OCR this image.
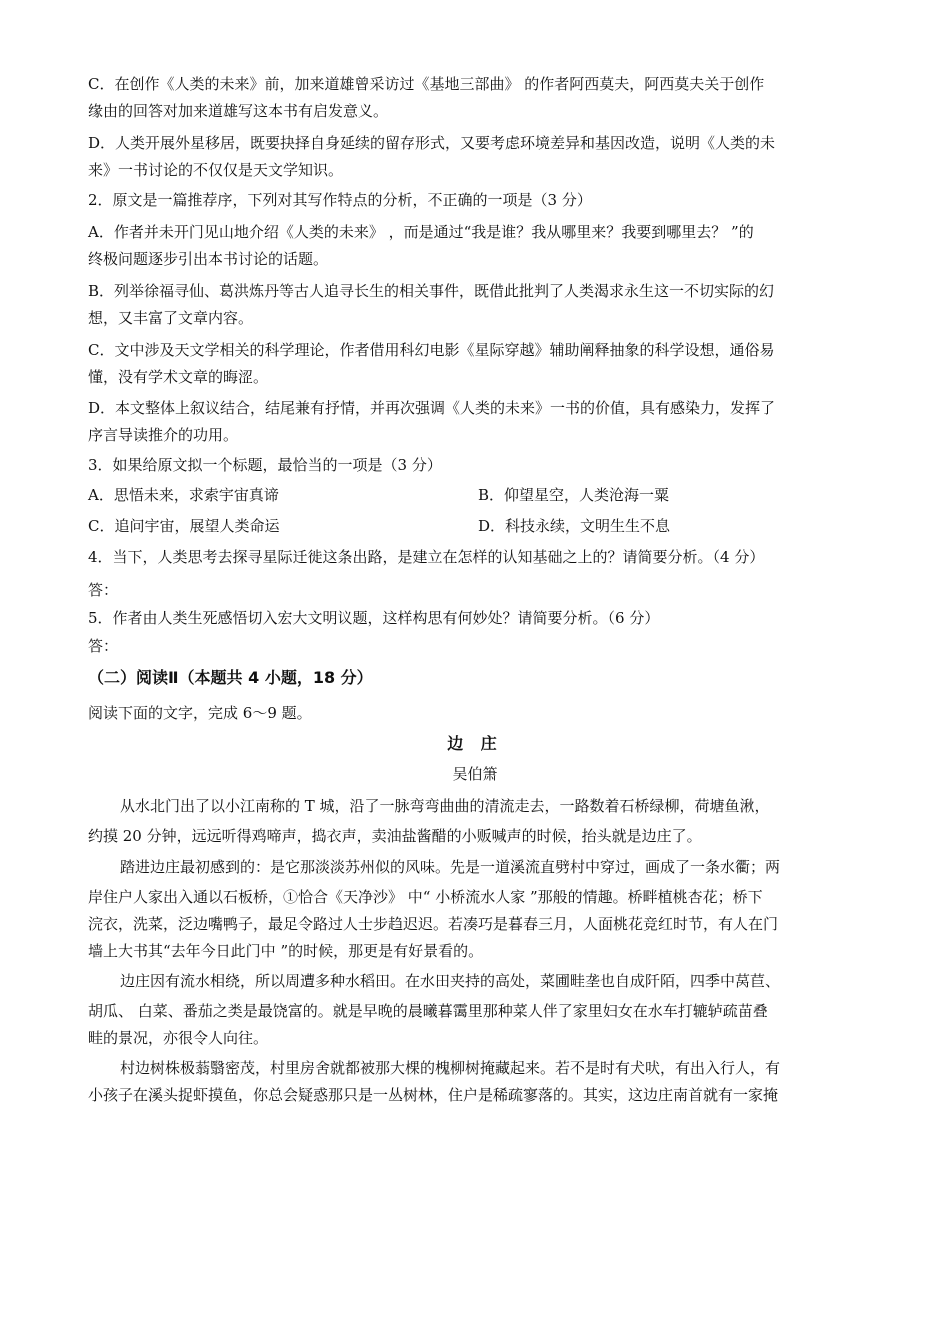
C．在创作《人类的未来》前，加来道雄曾采访过《基地三部曲》 的作者阿西莫夫，阿西莫夫关于创作
缘由的回答对加来道雄写这本书有启发意义。
D．人类开展外星移居，既要抉择自身延续的留存形式，又要考虑环境差异和基因改造，说明《人类的未
来》一书讨论的不仅仅是天文学知识。
2．原文是一篇推荐序，下列对其写作特点的分析，不正确的一项是（3 分）
A．作者并未开门见山地介绍《人类的未来》 ，而是通过“我是谁？我从哪里来？我要到哪里去？ ”的
终极问题逐步引出本书讨论的话题。
B．列举徐福寻仙、葛洪炼丹等古人追寻长生的相关事件，既借此批判了人类渴求永生这一不切实际的幻
想，又丰富了文章内容。
C．文中涉及天文学相关的科学理论，作者借用科幻电影《星际穿越》辅助阐释抽象的科学设想，通俗易
懂，没有学术文章的晦涩。
D．本文整体上叙议结合，结尾兼有抒情，并再次强调《人类的未来》一书的价值，具有感染力，发挥了
序言导读推介的功用。
3．如果给原文拟一个标题，最恰当的一项是（3 分）
A．思悟未来，求索宇宙真谛	B．仰望星空，人类沧海一粟
C．追问宇宙，展望人类命运	D．科技永续，文明生生不息
4．当下，人类思考去探寻星际迁徙这条出路，是建立在怎样的认知基础之上的？请简要分析。（4 分）
答：
5．作者由人类生死感悟切入宏大文明议题，这样构思有何妙处？请简要分析。（6 分）
答：
（二）阅读Ⅱ（本题共 4 小题，18 分）
阅读下面的文字，完成 6～9 题。
边 庄
吴伯箫
从水北门出了以小江南称的 T 城，沿了一脉弯弯曲曲的清流走去，一路数着石桥绿柳，荷塘鱼湫，
约摸 20 分钟，远远听得鸡啼声，捣衣声，卖油盐酱醋的小贩喊声的时候，抬头就是边庄了。
踏进边庄最初感到的：是它那淡淡苏州似的风味。先是一道溪流直劈村中穿过，画成了一条水衢；两
岸住户人家出入通以石板桥，①恰合《天净沙》 中“ 小桥流水人家 ”那般的情趣。桥畔植桃杏花；桥下
浣衣，洗菜，泛边嘴鸭子，最足令路过人士步趋迟迟。若凑巧是暮春三月，人面桃花竞红时节，有人在门
墙上大书其“去年今日此门中 ”的时候，那更是有好景看的。
边庄因有流水相绕，所以周遭多种水稻田。在水田夹持的高处，菜圃畦垄也自成阡陌，四季中莴苣、
胡瓜、 白菜、番茄之类是最饶富的。就是早晚的晨曦暮霭里那种菜人伴了家里妇女在水车打辘轳疏苗叠
畦的景况，亦很令人向往。
村边树株极蓊翳密茂，村里房舍就都被那大棵的槐柳树掩藏起来。若不是时有犬吠，有出入行人，有
小孩子在溪头捉虾摸鱼，你总会疑惑那只是一丛树林，住户是稀疏寥落的。其实，这边庄南首就有一家掩
